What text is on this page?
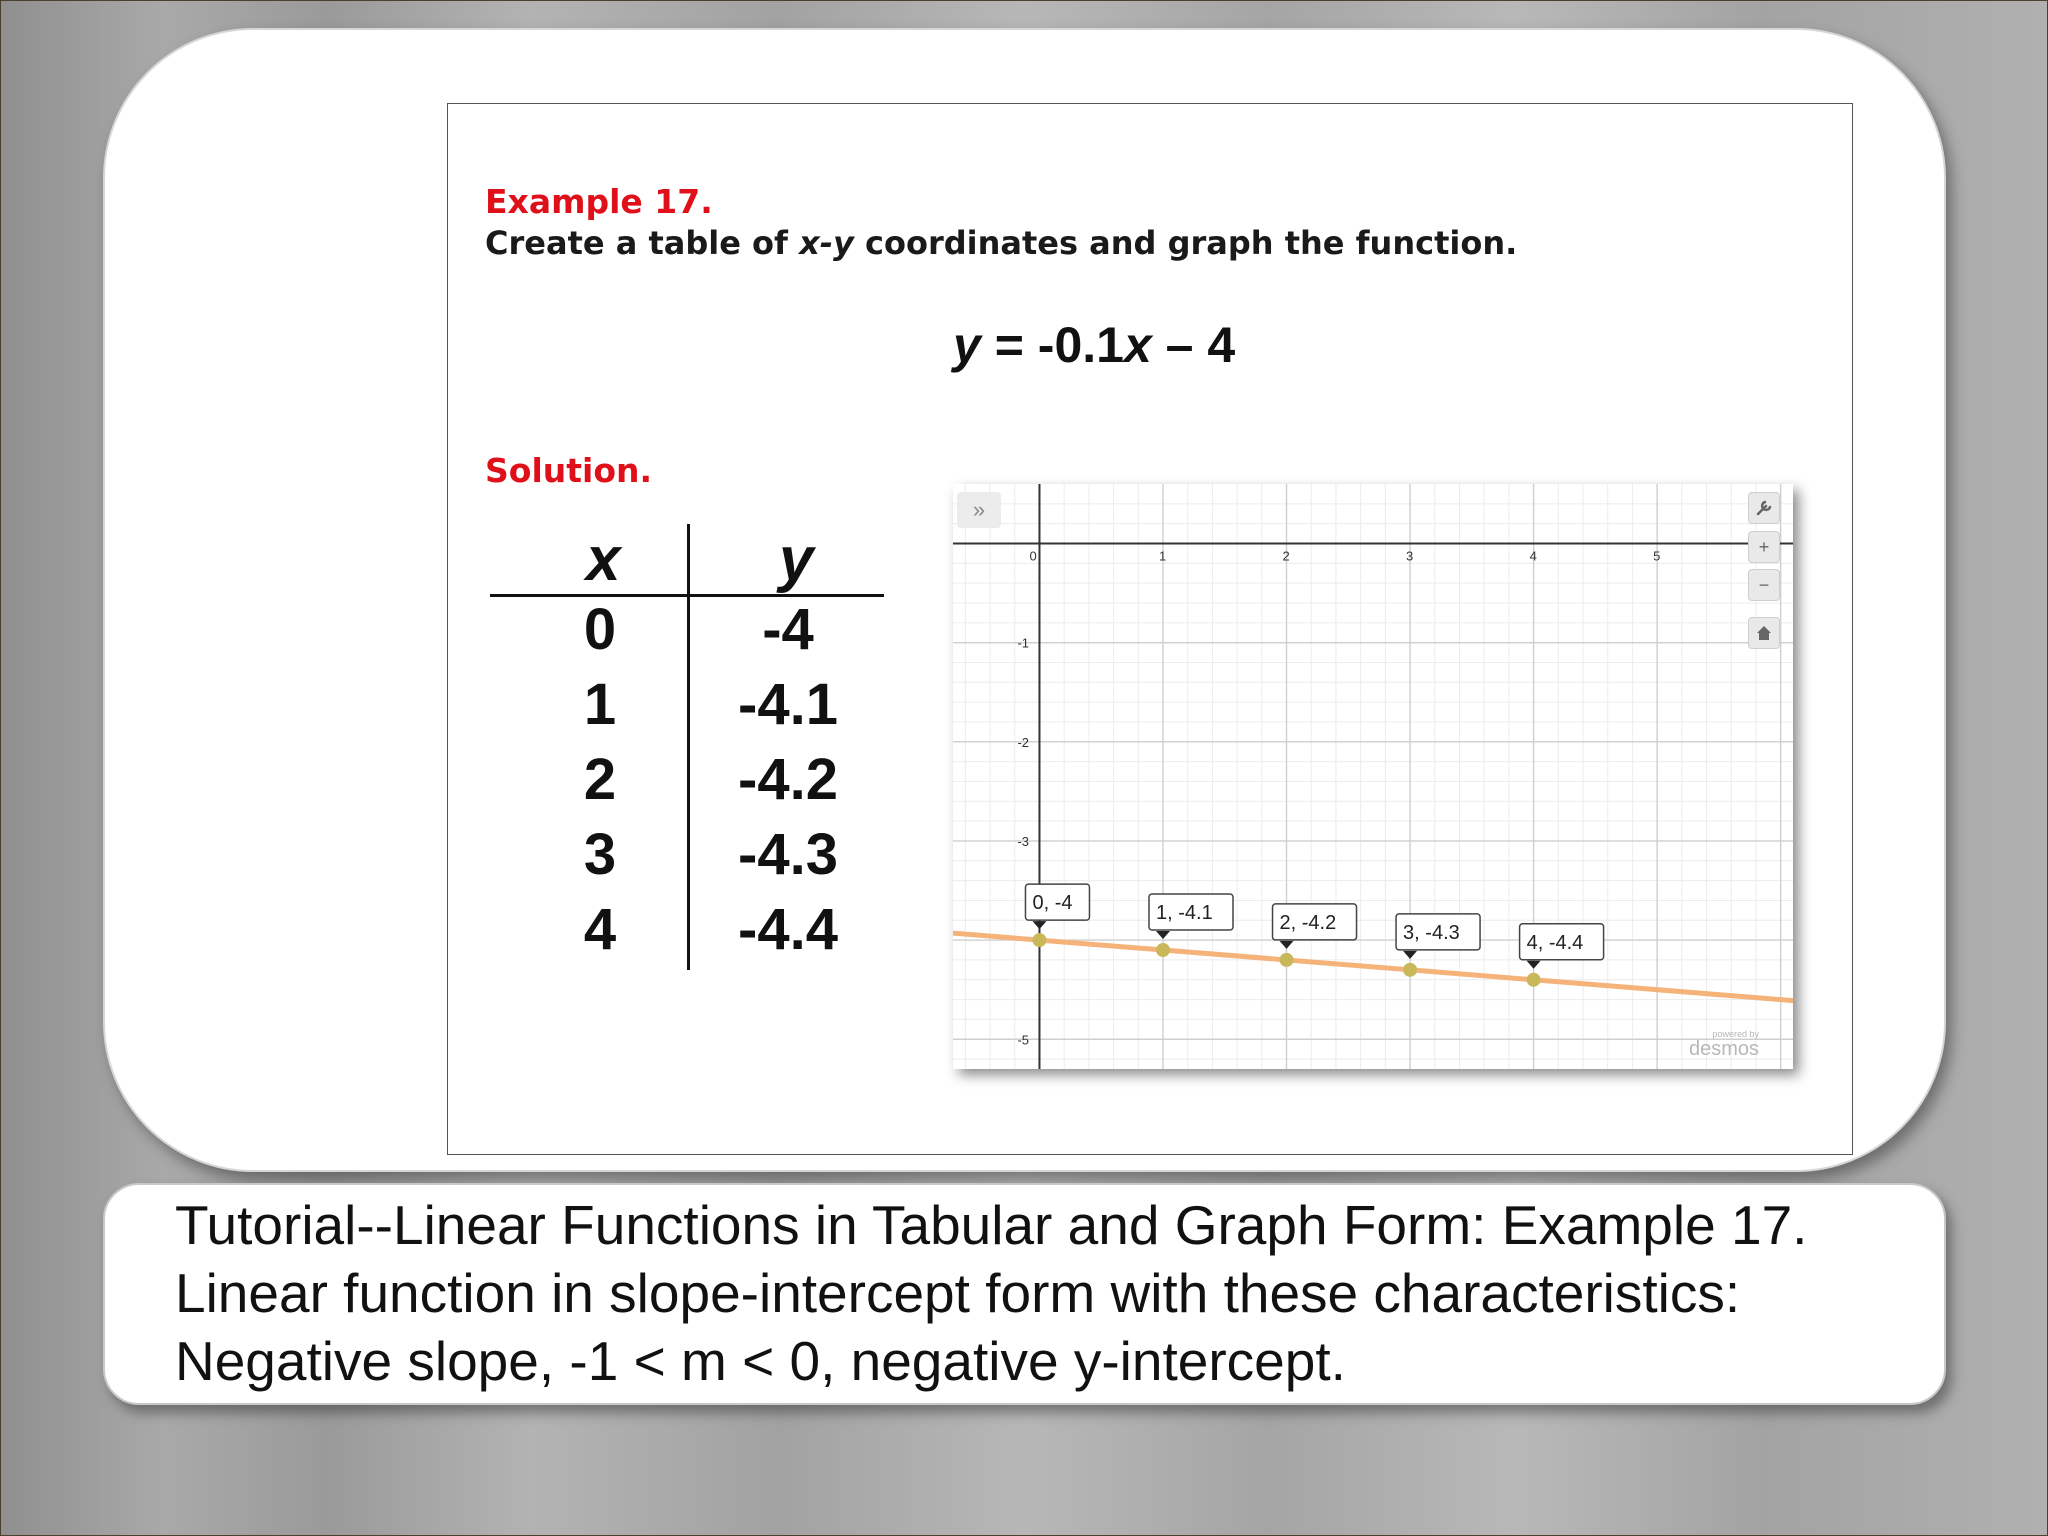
Example 17.
Create a table of x-y coordinates and graph the function.
y = -0.1x – 4
Solution.
x	y
0	-4
1	-4.1
2	-4.2
3	-4.3
4	-4.4
0	1	2	3	4	5
-1
-2
-3
-5
0, -4	1, -4.1	2, -4.2	3, -4.3	4, -4.4
»
+
−
powered by
desmos
Tutorial--Linear Functions in Tabular and Graph Form: Example 17.
Linear function in slope-intercept form with these characteristics:
Negative slope, -1 < m < 0, negative y-intercept.
